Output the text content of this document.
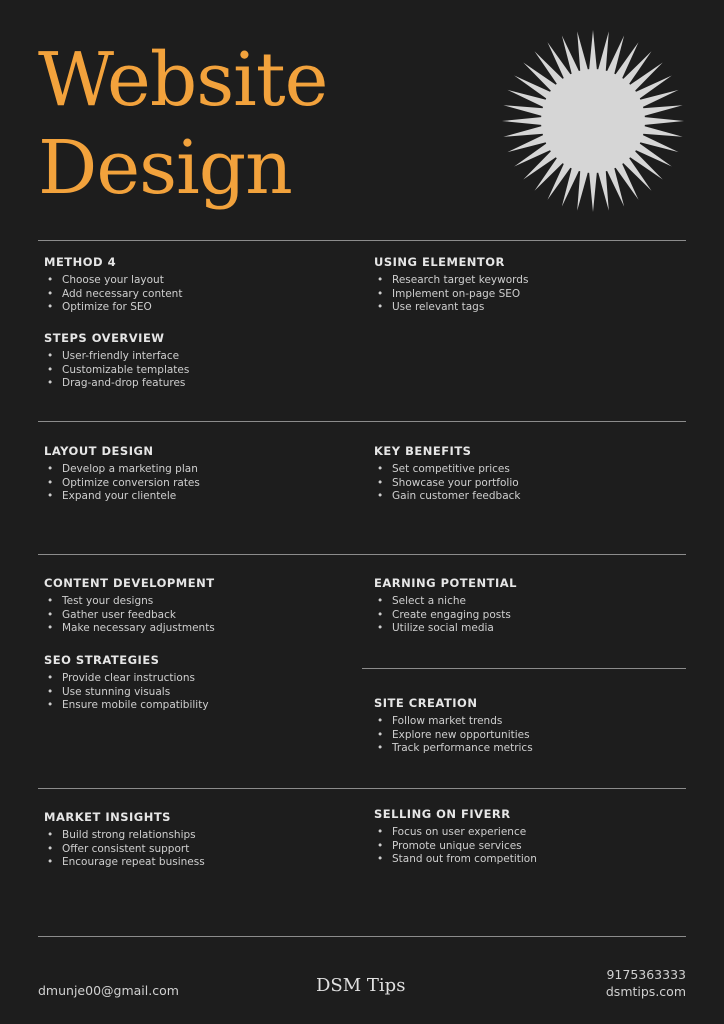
Website
Design
METHOD 4
• Choose your layout
• Add necessary content
• Optimize for SEO
USING ELEMENTOR
• Research target keywords
• Implement on-page SEO
• Use relevant tags
STEPS OVERVIEW
• User-friendly interface
• Customizable templates
• Drag-and-drop features
LAYOUT DESIGN
• Develop a marketing plan
• Optimize conversion rates
• Expand your clientele
KEY BENEFITS
• Set competitive prices
• Showcase your portfolio
• Gain customer feedback
CONTENT DEVELOPMENT
• Test your designs
• Gather user feedback
• Make necessary adjustments
EARNING POTENTIAL
• Select a niche
• Create engaging posts
• Utilize social media
SEO STRATEGIES
• Provide clear instructions
• Use stunning visuals
• Ensure mobile compatibility	SITE CREATION
• Follow market trends
• Explore new opportunities
• Track performance metrics
MARKET INSIGHTS
• Build strong relationships
• Offer consistent support
• Encourage repeat business
SELLING ON FIVERR
• Focus on user experience
• Promote unique services
• Stand out from competition
dmunje00@gmail.com	DSM Tips
9175363333
dsmtips.com
